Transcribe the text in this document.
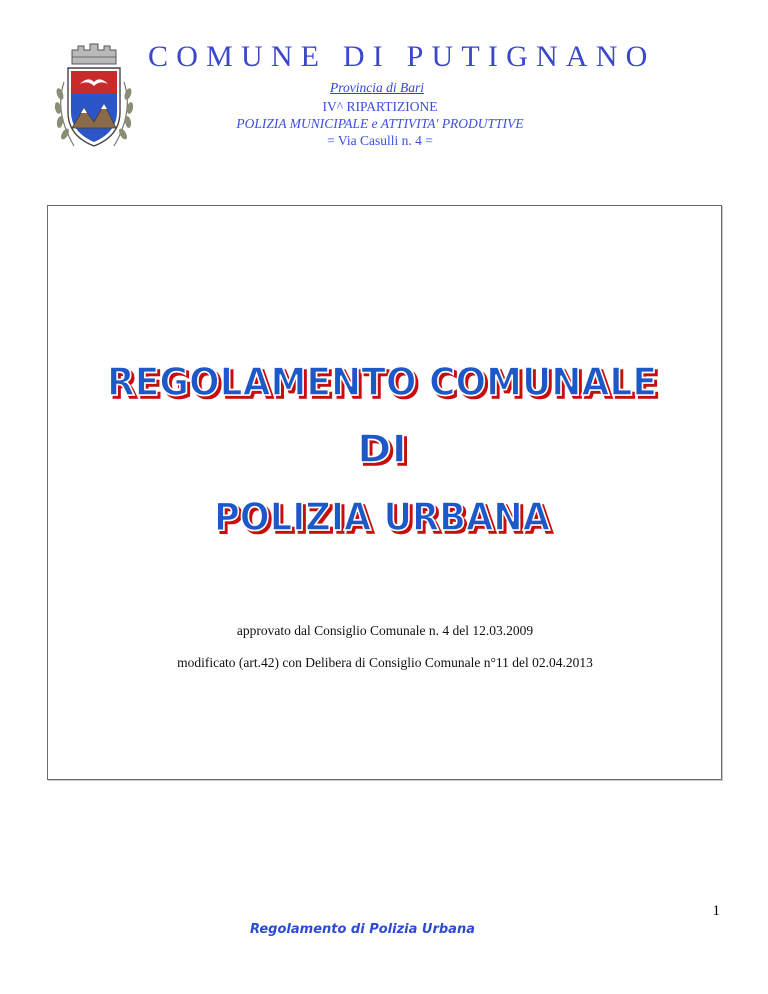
COMUNE DI PUTIGNANO
Provincia di Bari
IV^ RIPARTIZIONE
POLIZIA MUNICIPALE e ATTIVITA' PRODUTTIVE
= Via Casulli n. 4 =
REGOLAMENTO COMUNALE
DI
POLIZIA URBANA
approvato dal Consiglio Comunale n. 4 del 12.03.2009
modificato (art.42) con Delibera di Consiglio Comunale n°11 del 02.04.2013
1
Regolamento di Polizia Urbana
